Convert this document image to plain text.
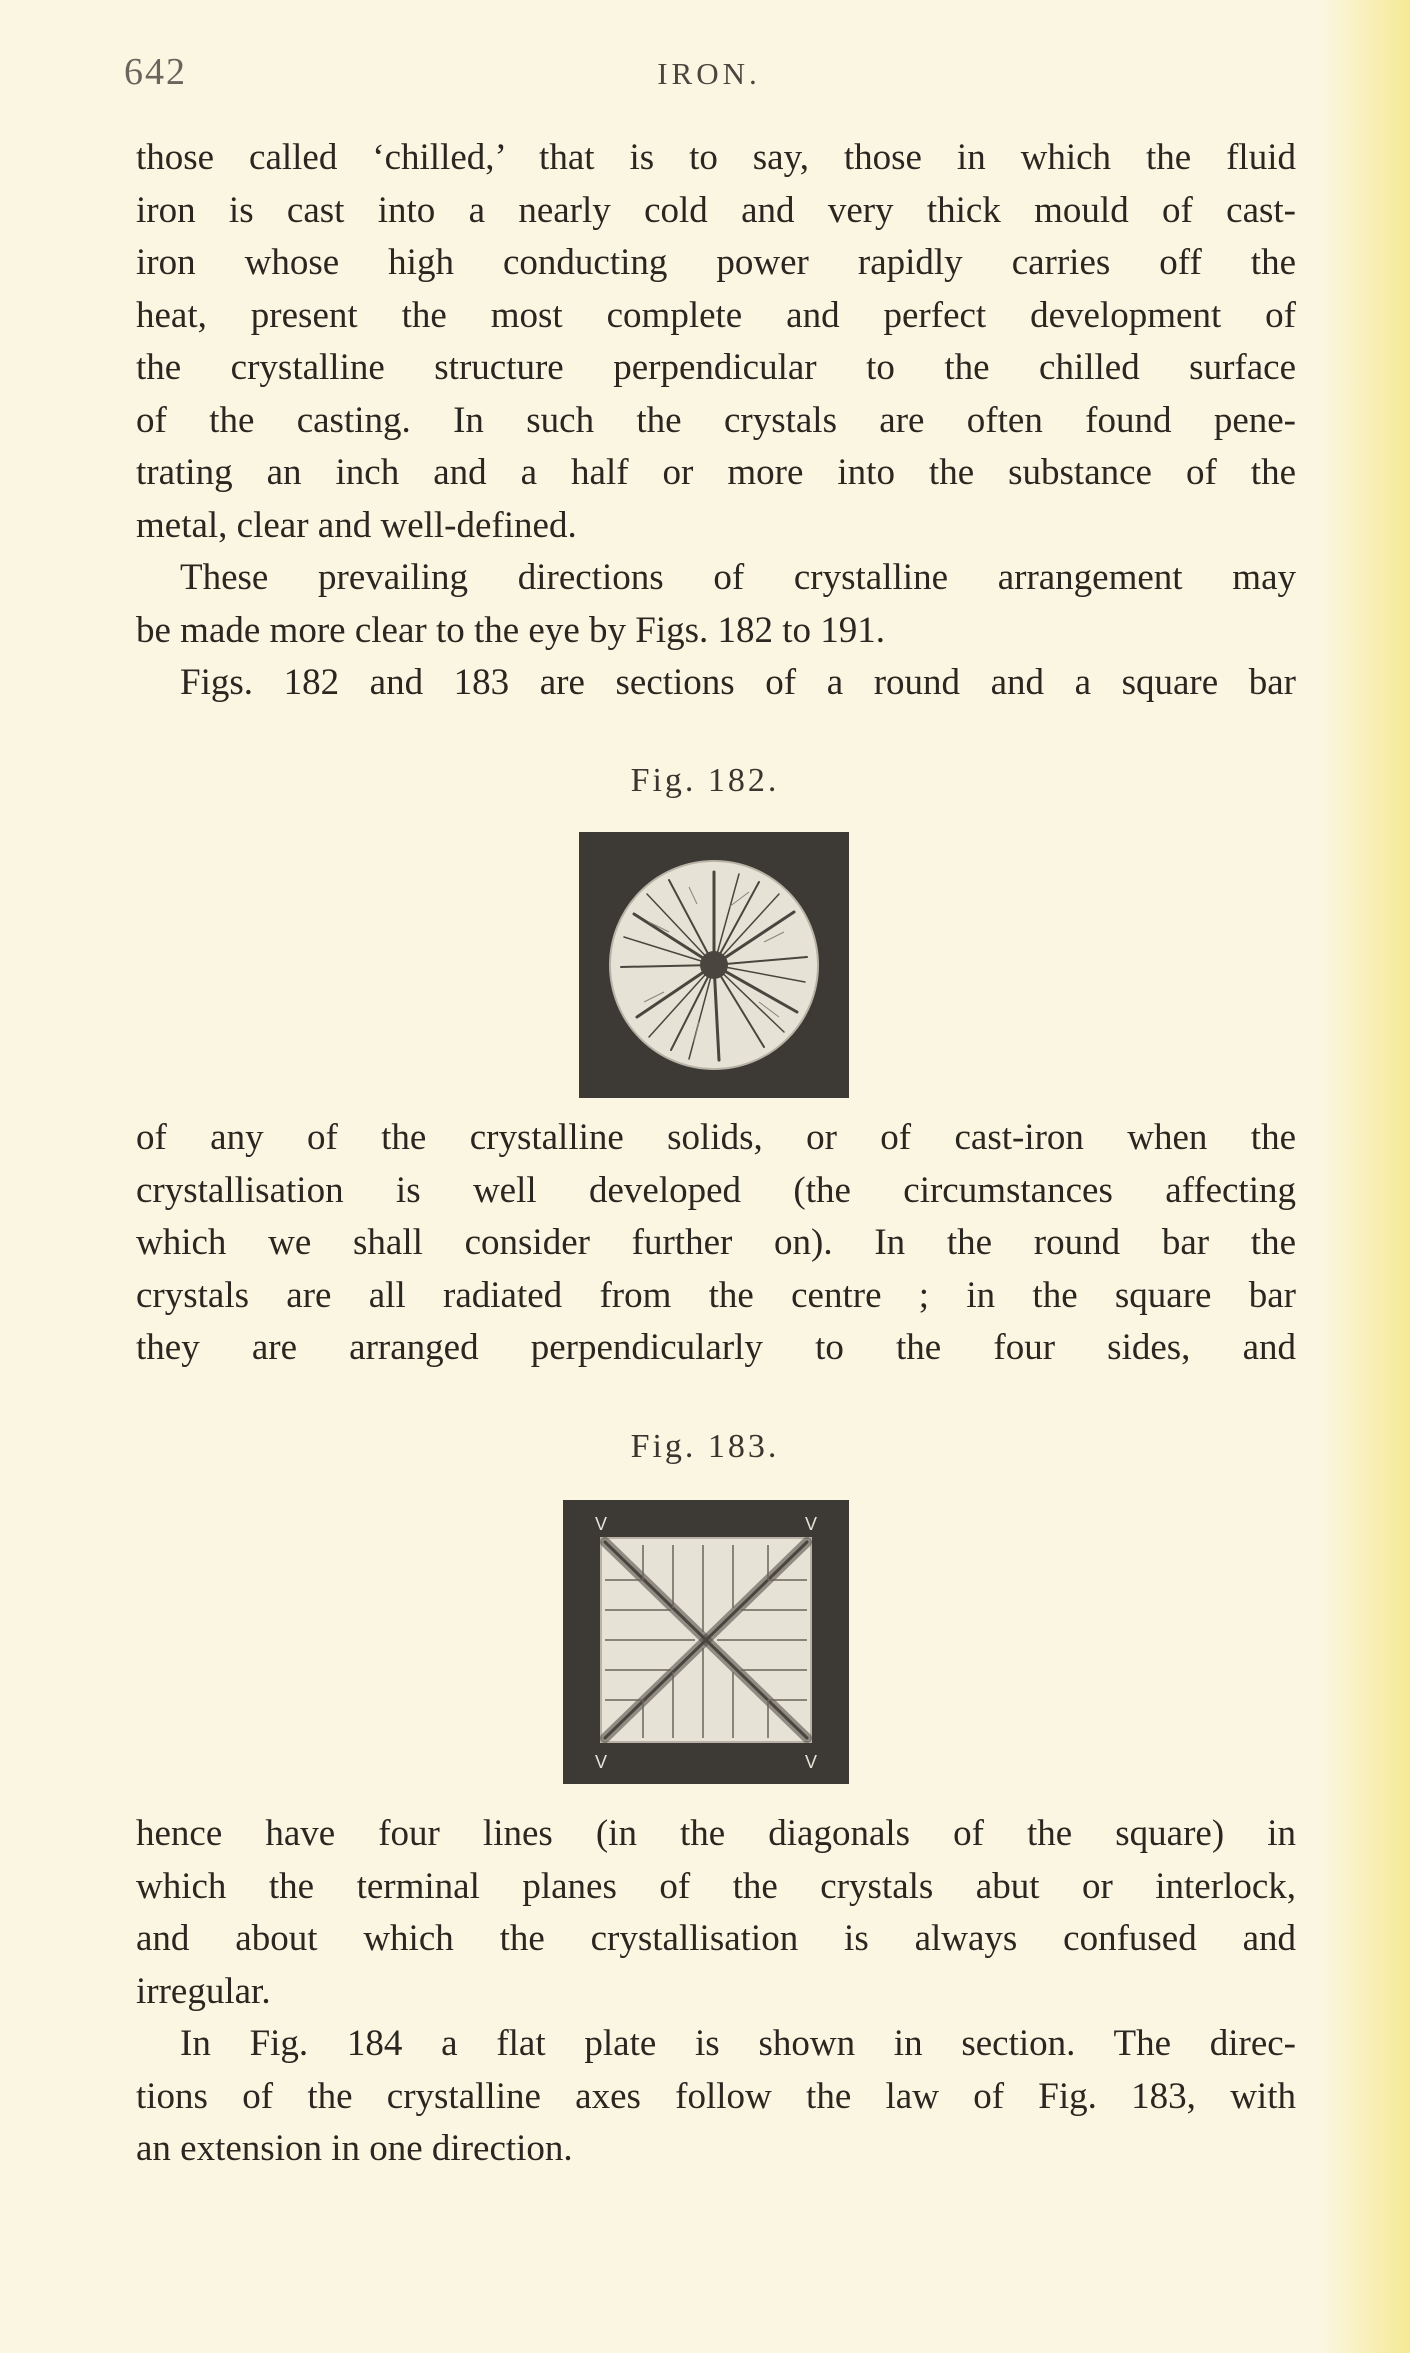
642	IRON.
those called ‘chilled,’ that is to say, those in which the fluid
iron is cast into a nearly cold and very thick mould of cast-
iron whose high conducting power rapidly carries off the
heat, present the most complete and perfect development of
the crystalline structure perpendicular to the chilled surface
of the casting. In such the crystals are often found pene-
trating an inch and a half or more into the substance of the
metal, clear and well-defined.
These prevailing directions of crystalline arrangement may
be made more clear to the eye by Figs. 182 to 191.
Figs. 182 and 183 are sections of a round and a square bar
Fig. 182.
of any of the crystalline solids, or of cast-iron when the
crystallisation is well developed (the circumstances affecting
which we shall consider further on). In the round bar the
crystals are all radiated from the centre ; in the square bar
they are arranged perpendicularly to the four sides, and
Fig. 183.
V	V
V	V
hence have four lines (in the diagonals of the square) in
which the terminal planes of the crystals abut or interlock,
and about which the crystallisation is always confused and
irregular.
In Fig. 184 a flat plate is shown in section. The direc-
tions of the crystalline axes follow the law of Fig. 183, with
an extension in one direction.
